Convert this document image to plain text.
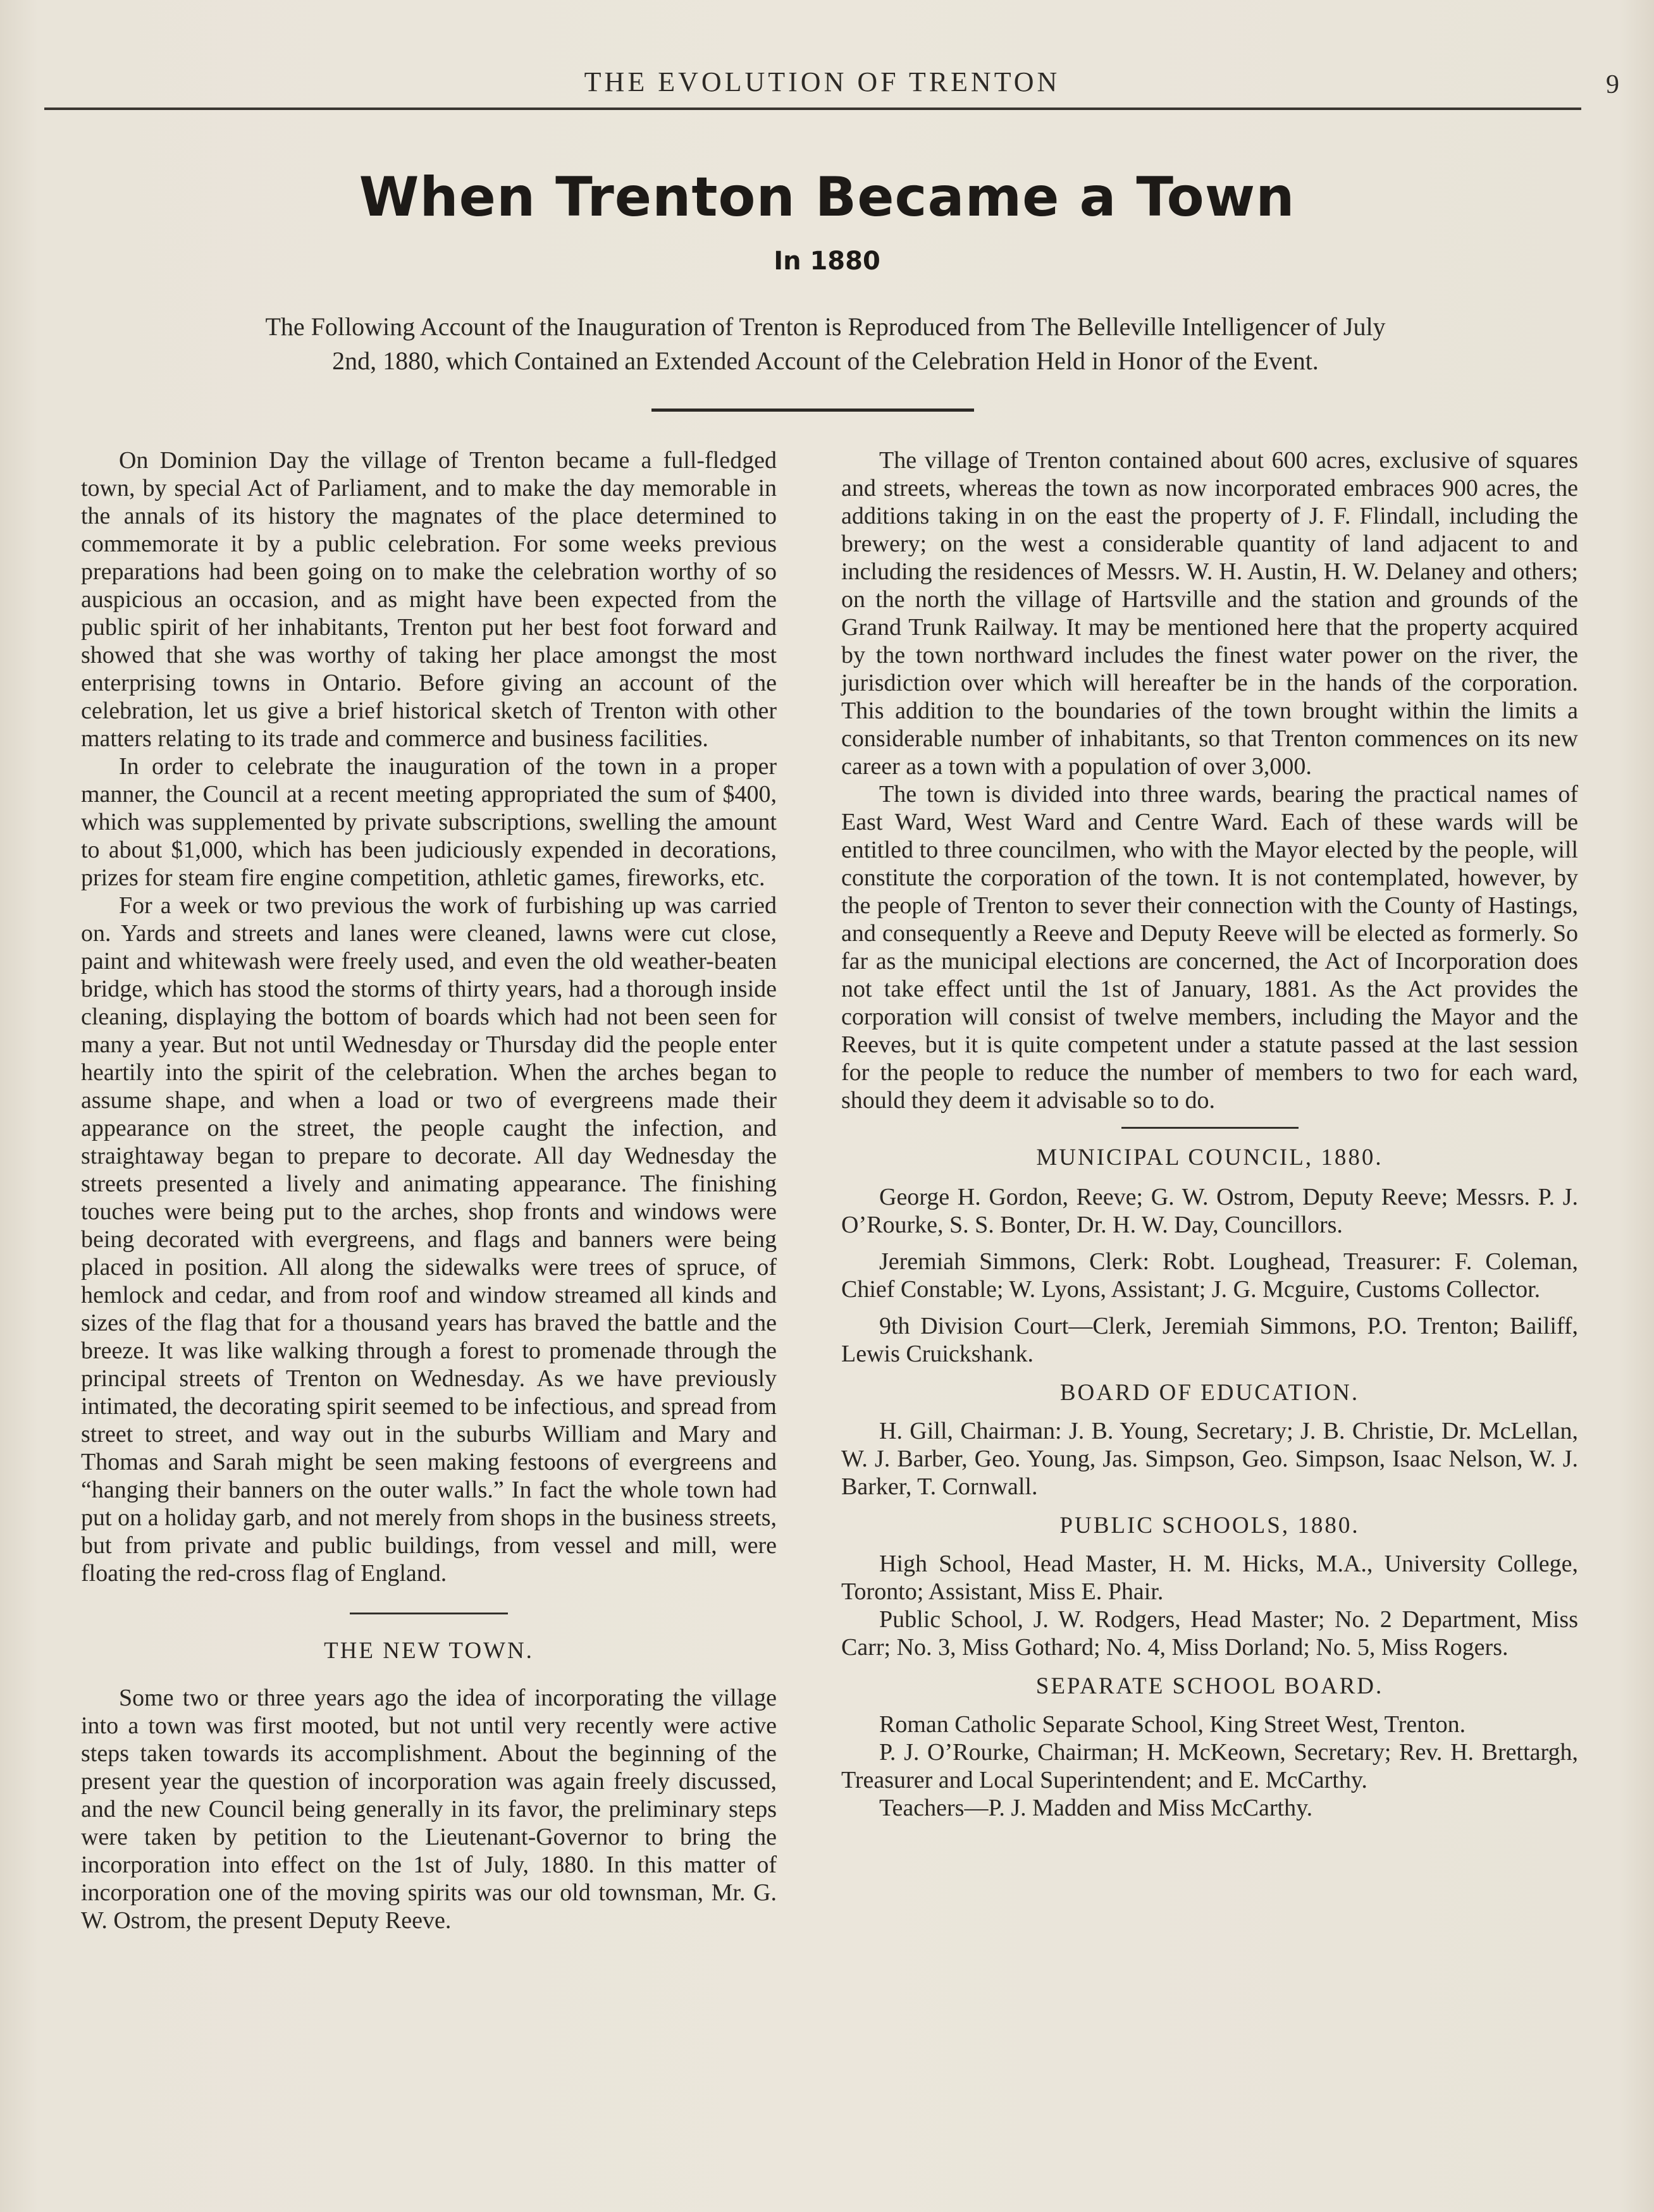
THE EVOLUTION OF TRENTON	9
When Trenton Became a Town
In 1880
The Following Account of the Inauguration of Trenton is Reproduced from The Belleville Intelligencer of July
2nd, 1880, which Contained an Extended Account of the Celebration Held in Honor of the Event.

On Dominion Day the village of Trenton became a full-fledged town, by special Act of Parliament, and to make the day memorable in the annals of its history the magnates of the place determined to commemorate it by a public celebration. For some weeks previous preparations had been going on to make the celebration worthy of so auspicious an occasion, and as might have been expected from the public spirit of her inhabitants, Trenton put her best foot forward and showed that she was worthy of taking her place amongst the most enterprising towns in Ontario. Before giving an account of the celebration, let us give a brief historical sketch of Trenton with other matters relating to its trade and commerce and business facilities.

In order to celebrate the inauguration of the town in a proper manner, the Council at a recent meeting appropriated the sum of $400, which was supplemented by private subscriptions, swelling the amount to about $1,000, which has been judiciously expended in decorations, prizes for steam fire engine competition, athletic games, fireworks, etc.

For a week or two previous the work of furbishing up was carried on. Yards and streets and lanes were cleaned, lawns were cut close, paint and whitewash were freely used, and even the old weather-beaten bridge, which has stood the storms of thirty years, had a thorough inside cleaning, displaying the bottom of boards which had not been seen for many a year. But not until Wednesday or Thursday did the people enter heartily into the spirit of the celebration. When the arches began to assume shape, and when a load or two of evergreens made their appearance on the street, the people caught the infection, and straightaway began to prepare to decorate. All day Wednesday the streets presented a lively and animating appearance. The finishing touches were being put to the arches, shop fronts and windows were being decorated with evergreens, and flags and banners were being placed in position. All along the sidewalks were trees of spruce, of hemlock and cedar, and from roof and window streamed all kinds and sizes of the flag that for a thousand years has braved the battle and the breeze. It was like walking through a forest to promenade through the principal streets of Trenton on Wednesday. As we have previously intimated, the decorating spirit seemed to be infectious, and spread from street to street, and way out in the suburbs William and Mary and Thomas and Sarah might be seen making festoons of evergreens and “hanging their banners on the outer walls.” In fact the whole town had put on a holiday garb, and not merely from shops in the business streets, but from private and public buildings, from vessel and mill, were floating the red-cross flag of England.

THE NEW TOWN.

Some two or three years ago the idea of incorporating the village into a town was first mooted, but not until very recently were active steps taken towards its accomplishment. About the beginning of the present year the question of incorporation was again freely discussed, and the new Council being generally in its favor, the preliminary steps were taken by petition to the Lieutenant-Governor to bring the incorporation into effect on the 1st of July, 1880. In this matter of incorporation one of the moving spirits was our old townsman, Mr. G. W. Ostrom, the present Deputy Reeve.

The village of Trenton contained about 600 acres, exclusive of squares and streets, whereas the town as now incorporated embraces 900 acres, the additions taking in on the east the property of J. F. Flindall, including the brewery; on the west a considerable quantity of land adjacent to and including the residences of Messrs. W. H. Austin, H. W. Delaney and others; on the north the village of Hartsville and the station and grounds of the Grand Trunk Railway. It may be mentioned here that the property acquired by the town northward includes the finest water power on the river, the jurisdiction over which will hereafter be in the hands of the corporation. This addition to the boundaries of the town brought within the limits a considerable number of inhabitants, so that Trenton commences on its new career as a town with a population of over 3,000.

The town is divided into three wards, bearing the practical names of East Ward, West Ward and Centre Ward. Each of these wards will be entitled to three councilmen, who with the Mayor elected by the people, will constitute the corporation of the town. It is not contemplated, however, by the people of Trenton to sever their connection with the County of Hastings, and consequently a Reeve and Deputy Reeve will be elected as formerly. So far as the municipal elections are concerned, the Act of Incorporation does not take effect until the 1st of January, 1881. As the Act provides the corporation will consist of twelve members, including the Mayor and the Reeves, but it is quite competent under a statute passed at the last session for the people to reduce the number of members to two for each ward, should they deem it advisable so to do.

MUNICIPAL COUNCIL, 1880.

George H. Gordon, Reeve; G. W. Ostrom, Deputy Reeve; Messrs. P. J. O’Rourke, S. S. Bonter, Dr. H. W. Day, Councillors.

Jeremiah Simmons, Clerk: Robt. Loughead, Treasurer: F. Coleman, Chief Constable; W. Lyons, Assistant; J. G. Mcguire, Customs Collector.

9th Division Court—Clerk, Jeremiah Simmons, P.O. Trenton; Bailiff, Lewis Cruickshank.

BOARD OF EDUCATION.

H. Gill, Chairman: J. B. Young, Secretary; J. B. Christie, Dr. McLellan, W. J. Barber, Geo. Young, Jas. Simpson, Geo. Simpson, Isaac Nelson, W. J. Barker, T. Cornwall.

PUBLIC SCHOOLS, 1880.

High School, Head Master, H. M. Hicks, M.A., University College, Toronto; Assistant, Miss E. Phair.

Public School, J. W. Rodgers, Head Master; No. 2 Department, Miss Carr; No. 3, Miss Gothard; No. 4, Miss Dorland; No. 5, Miss Rogers.

SEPARATE SCHOOL BOARD.

Roman Catholic Separate School, King Street West, Trenton.

P. J. O’Rourke, Chairman; H. McKeown, Secretary; Rev. H. Brettargh, Treasurer and Local Superintendent; and E. McCarthy.

Teachers—P. J. Madden and Miss McCarthy.
